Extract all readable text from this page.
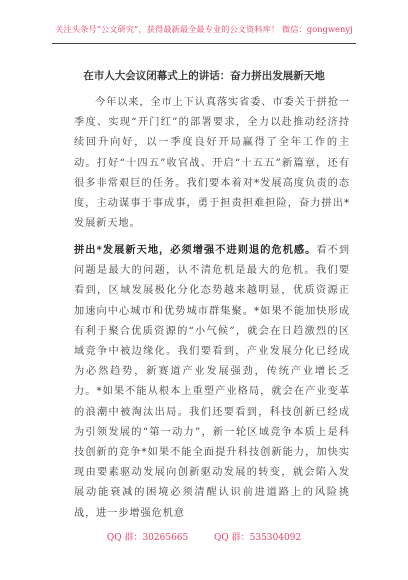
关注头条号“公文研究”，获得最新最全最专业的公文资料库！ 微信：gongwenyj
在市人大会议闭幕式上的讲话：奋力拼出发展新天地
今年以来，全市上下认真落实省委、市委关于拼抢一季度、实现“开门红”的部署要求，全力以赴推动经济持续回升向好，以一季度良好开局赢得了全年工作的主动。打好“十四五”收官战、开启“十五五”新篇章，还有很多非常艰巨的任务。我们要本着对*发展高度负责的态度，主动谋事于事成事，勇于担责担难担险，奋力拼出*发展新天地。
拼出*发展新天地，必须增强不进则退的危机感。看不到问题是最大的问题，认不清危机是最大的危机。我们要看到，区域发展极化分化态势越来越明显，优质资源正加速向中心城市和优势城市群集聚。*如果不能加快形成有利于聚合优质资源的“小气候”，就会在日趋激烈的区域竞争中被边缘化。我们要看到，产业发展分化已经成为必然趋势，新赛道产业发展强劲，传统产业增长乏力。*如果不能从根本上重塑产业格局，就会在产业变革的浪潮中被淘汰出局。我们还要看到，科技创新已经成为引领发展的“第一动力”，新一轮区域竞争本质上是科技创新的竞争*如果不能全面提升科技创新能力，加快实现由要素驱动发展向创新驱动发展的转变，就会陷入发展动能衰减的困境必须清醒认识前进道路上的风险挑战，进一步增强危机意
QQ 群：30265665	QQ 群：535304092
